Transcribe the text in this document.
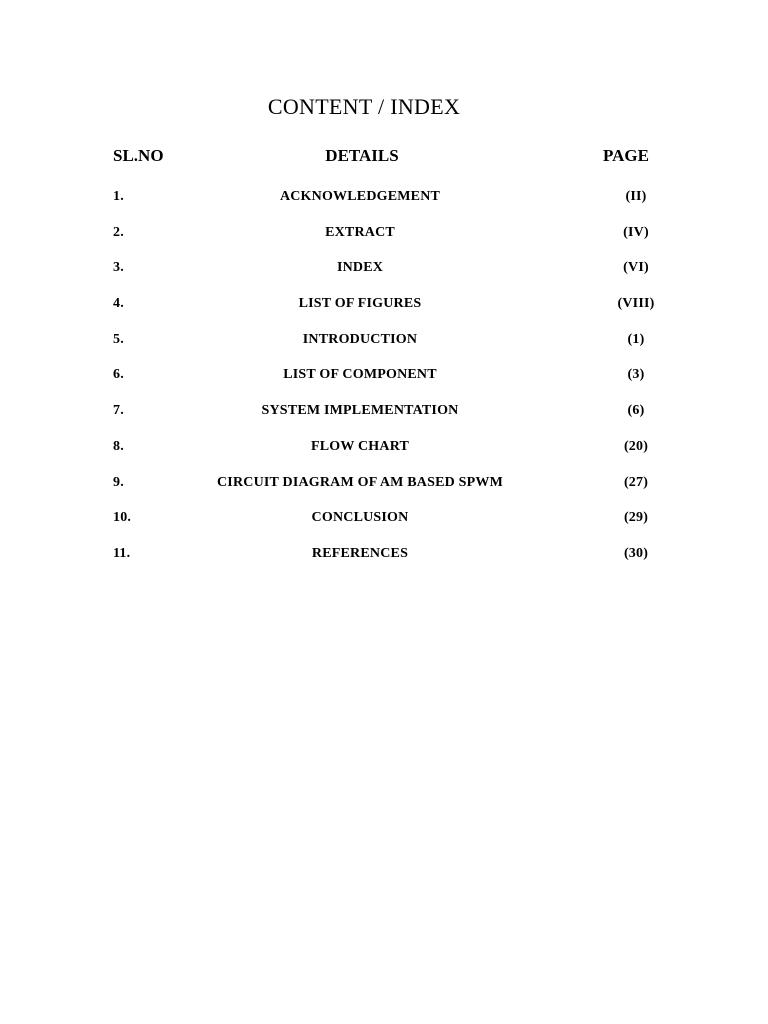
CONTENT / INDEX
SL.NO	DETAILS	PAGE
1.	ACKNOWLEDGEMENT	(II)
2.	EXTRACT	(IV)
3.	INDEX	(VI)
4.	LIST OF FIGURES	(VIII)
5.	INTRODUCTION	(1)
6.	LIST OF COMPONENT	(3)
7.	SYSTEM IMPLEMENTATION	(6)
8.	FLOW CHART	(20)
9.	CIRCUIT DIAGRAM OF AM BASED SPWM	(27)
10.	CONCLUSION	(29)
11.	REFERENCES	(30)
